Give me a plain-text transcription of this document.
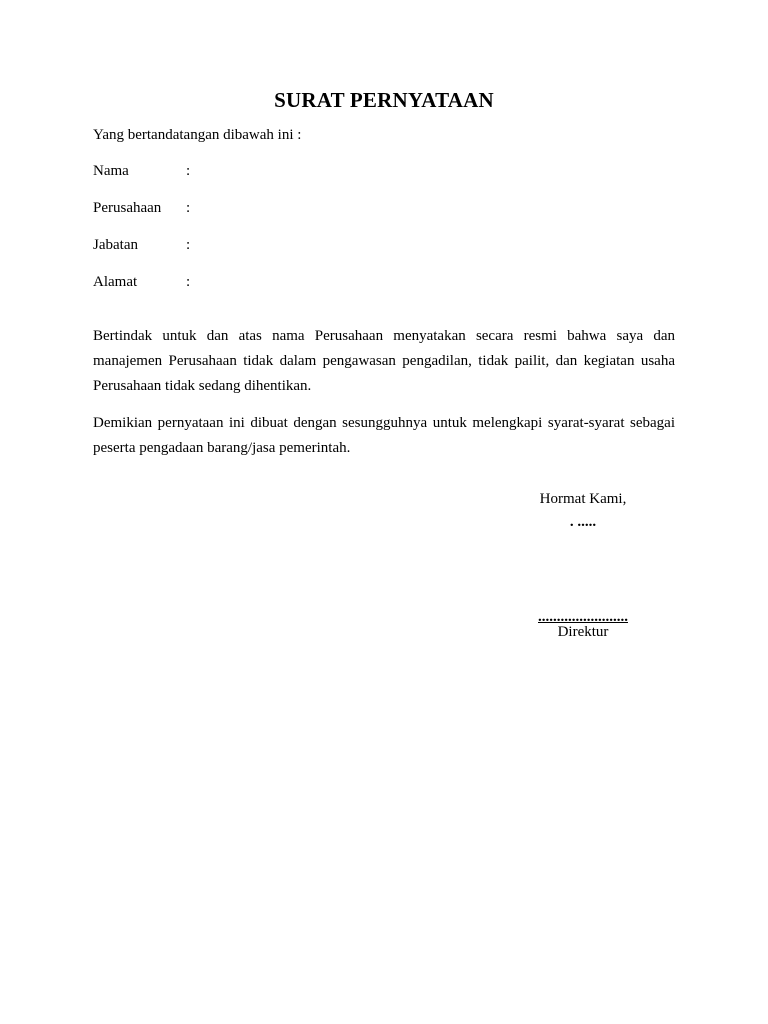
SURAT PERNYATAAN
Yang bertandatangan dibawah ini :
Nama	:
Perusahaan :
Jabatan	:
Alamat	:

Bertindak untuk dan atas nama Perusahaan menyatakan secara resmi bahwa saya dan manajemen Perusahaan tidak dalam pengawasan pengadilan, tidak pailit, dan kegiatan usaha Perusahaan tidak sedang dihentikan.

Demikian pernyataan ini dibuat dengan sesungguhnya untuk melengkapi syarat-syarat sebagai peserta pengadaan barang/jasa pemerintah.

Hormat Kami,
. .....
........................
Direktur
